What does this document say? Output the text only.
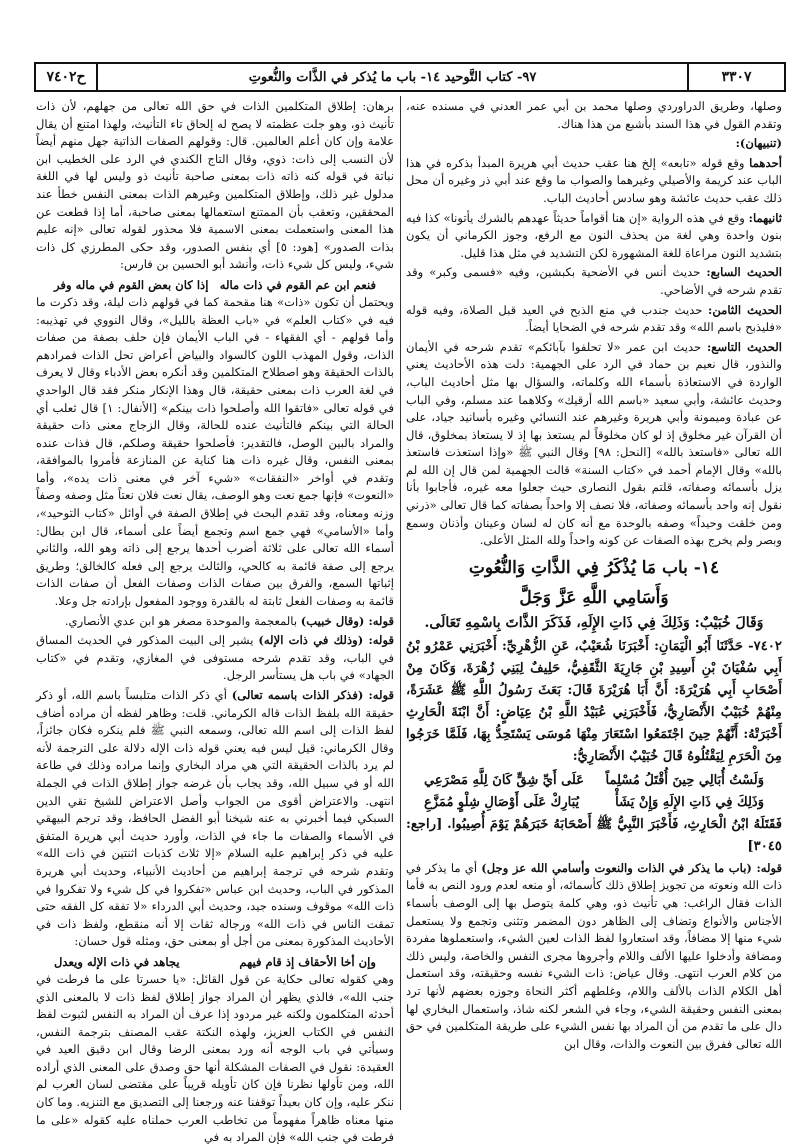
ح٧٤٠٢	٩٧- كتاب التَّوحيد ١٤- باب ما يُذكر في الذَّات والنُّعوتِ	٣٣٠٧

وصلها، وطريق الدراوردي وصلها محمد بن أبي عمر العدني في مسنده عنه، وتقدم القول في هذا السند بأشبع من هذا هناك.

(تنبيهان):

أحدهما وقع قوله «تابعه» إلخ هنا عقب حديث أبي هريرة المبدأ بذكره في هذا الباب عند كريمة والأصيلي وغيرهما والصواب ما وقع عند أبي ذر وغيره أن محل ذلك عقب حديث عائشة وهو سادس أحاديث الباب.

ثانيهما: وقع في هذه الرواية «إن هنا أقواماً حديثاً عهدهم بالشرك يأتونا» كذا فيه بنون واحدة وهي لغة من يحذف النون مع الرفع، وجوز الكرماني أن يكون بتشديد النون مراعاة للغة المشهورة لكن التشديد في مثل هذا قليل.

الحديث السابع: حديث أنس في الأضحية بكبشين، وفيه «فسمى وكبر» وقد تقدم شرحه في الأضاحي.

الحديث الثامن: حديث جندب في منع الذبح في العيد قبل الصلاة، وفيه قوله «فليذبح باسم الله» وقد تقدم شرحه في الضحايا أيضاً.

الحديث التاسع: حديث ابن عمر «لا تحلفوا بآبائكم» تقدم شرحه في الأيمان والنذور، قال نعيم بن حماد في الرد على الجهمية: دلت هذه الأحاديث يعني الواردة في الاستعاذة بأسماء الله وكلماته، والسؤال بها مثل أحاديث الباب، وحديث عائشة، وأبي سعيد «باسم الله أرقيك» وكلاهما عند مسلم، وفي الباب عن عبادة وميمونة وأبي هريرة وغيرهم عند النسائي وغيره بأسانيد جياد، على أن القرآن غير مخلوق إذ لو كان مخلوقاً لم يستعذ بها إذ لا يستعاذ بمخلوق، قال الله تعالى «فاستعذ بالله» [النحل: ٩٨] وقال النبي ﷺ «وإذا استعذت فاستعذ بالله» وقال الإمام أحمد في «كتاب السنة» قالت الجهمية لمن قال إن الله لم يزل بأسمائه وصفاته، قلتم بقول النصارى حيث جعلوا معه غيره، فأجابوا بأنا نقول إنه واحد بأسمائه وصفاته، فلا نصف إلا واحداً بصفاته كما قال تعالى «ذرني ومن خلقت وحيداً» وصفه بالوحدة مع أنه كان له لسان وعينان وأذنان وسمع وبصر ولم يخرج بهذه الصفات عن كونه واحداً ولله المثل الأعلى.

١٤- باب مَا يُذْكَرُ فِي الذَّاتِ وَالنُّعُوتِ
وَأَسَامِي اللَّهِ عَزَّ وَجَلَّ
وَقَالَ خُبَيْبٌ: وَذَلِكَ فِي ذَاتِ الإِلَهِ، فَذَكَرَ الذَّاتَ بِاسْمِهِ تَعَالَى.

٧٤٠٢- حَدَّثَنَا أَبُو الْيَمَانِ: أَخْبَرَنَا شُعَيْبٌ، عَنِ الزُّهْرِيِّ: أَخْبَرَنِي عَمْرُو بْنُ أَبِي سُفْيَانَ بْنِ أَسِيدِ بْنِ جَارِيَةَ الثَّقَفِيُّ، حَلِيفٌ لِبَنِي زُهْرَةَ، وَكَانَ مِنْ أَصْحَابِ أَبِي هُرَيْرَةَ: أَنَّ أَبَا هُرَيْرَةَ قَالَ: بَعَثَ رَسُولُ اللَّهِ ﷺ عَشَرَةً، مِنْهُمْ خُبَيْبٌ الأَنْصَارِيُّ، فَأَخْبَرَنِي عُبَيْدُ اللَّهِ بْنُ عِيَاضٍ: أَنَّ ابْنَةَ الْحَارِثِ أَخْبَرَتْهُ: أَنَّهُمْ حِينَ اجْتَمَعُوا اسْتَعَارَ مِنْهَا مُوسَى يَسْتَحِدُّ بِهَا، فَلَمَّا خَرَجُوا مِنَ الْحَرَمِ لِيَقْتُلُوهُ قَالَ خُبَيْبٌ الأَنْصَارِيُّ:

وَلَسْتُ أُبَالِي حِينَ أُقْتَلُ مُسْلِماً
عَلَى أَيِّ شِقٍّ كَانَ لِلَّهِ مَصْرَعِي
وَذَلِكَ فِي ذَاتِ الإِلَهِ وَإِنْ يَشَأْ
يُبَارِكْ عَلَى أَوْصَالِ شِلْوٍ مُمَزَّعِ

فَقَتَلَهُ ابْنُ الْحَارِثِ، فَأَخْبَرَ النَّبِيُّ ﷺ أَصْحَابَهُ خَبَرَهُمْ يَوْمَ أُصِيبُوا. [راجع: ٣٠٤٥]

قوله: (باب ما يذكر في الذات والنعوت وأسامي الله عز وجل) أي ما يذكر في ذات الله ونعوته من تجويز إطلاق ذلك كأسمائه، أو منعه لعدم ورود النص به فأما الذات فقال الراغب: هي تأنيث ذو، وهي كلمة يتوصل بها إلى الوصف بأسماء الأجناس والأنواع وتضاف إلى الظاهر دون المضمر وتثنى وتجمع ولا يستعمل شيء منها إلا مضافاً، وقد استعاروا لفظ الذات لعين الشيء، واستعملوها مفردة ومضافة وأدخلوا عليها الألف واللام وأجروها مجرى النفس والخاصة، وليس ذلك من كلام العرب انتهى. وقال عياض: ذات الشيء نفسه وحقيقته، وقد استعمل أهل الكلام الذات بالألف واللام، وغلطهم أكثر النحاة وجوزه بعضهم لأنها ترد بمعنى النفس وحقيقة الشيء، وجاء في الشعر لكنه شاذ، واستعمال البخاري لها دال على ما تقدم من أن المراد بها نفس الشيء على طريقة المتكلمين في حق الله تعالى ففرق بين النعوت والذات، وقال ابن

برهان: إطلاق المتكلمين الذات في حق الله تعالى من جهلهم، لأن ذات تأنيث ذو، وهو جلت عظمته لا يصح له إلحاق تاء التأنيث، ولهذا امتنع أن يقال علامة وإن كان أعلم العالمين. قال: وقولهم الصفات الذاتية جهل منهم أيضاً لأن النسب إلى ذات: ذوي، وقال التاج الكندي في الرد على الخطيب ابن نباتة في قوله كنه ذاته ذات بمعنى صاحبة تأنيث ذو وليس لها في اللغة مدلول غير ذلك، وإطلاق المتكلمين وغيرهم الذات بمعنى النفس خطأ عند المحققين، وتعقب بأن الممتنع استعمالها بمعنى صاحبة، أما إذا قطعت عن هذا المعنى واستعملت بمعنى الاسمية فلا محذور لقوله تعالى «إنه عليم بذات الصدور» [هود: ٥] أي بنفس الصدور، وقد حكى المطرزي كل ذات شيء، وليس كل شيء ذات، وأنشد أبو الحسين بن فارس:

فنعم ابن عم القوم في ذات ماله
إذا كان بعض القوم في ماله وفر

ويحتمل أن تكون «ذات» هنا مقحمة كما في قولهم ذات ليلة، وقد ذكرت ما فيه في «كتاب العلم» في «باب العظة بالليل»، وقال النووي في تهذيبه: وأما قولهم - أي الفقهاء - في الباب الأيمان فإن حلف بصفة من صفات الذات، وقول المهذب اللون كالسواد والبياض أعراض تحل الذات فمرادهم بالذات الحقيقة وهو اصطلاح المتكلمين وقد أنكره بعض الأدباء وقال لا يعرف في لغة العرب ذات بمعنى حقيقة، قال وهذا الإنكار منكر فقد قال الواحدي في قوله تعالى «فاتقوا الله وأصلحوا ذات بينكم» [الأنفال: ١] قال ثعلب أي الحالة التي بينكم فالتأنيث عنده للحالة، وقال الزجاج معنى ذات حقيقة والمراد بالبين الوصل، فالتقدير: فأصلحوا حقيقة وصلكم، قال فذات عنده بمعنى النفس، وقال غيره ذات هنا كناية عن المنازعة فأمروا بالموافقة، وتقدم في أواخر «النفقات» «شيء آخر في معنى ذات يده»، وأما «النعوت» فإنها جمع نعت وهو الوصف، يقال نعت فلان نعتاً مثل وصفه وصفاً وزنه ومعناه، وقد تقدم البحث في إطلاق الصفة في أوائل «كتاب التوحيد»، وأما «الأسامي» فهي جمع اسم وتجمع أيضاً على أسماء، قال ابن بطال: أسماء الله تعالى على ثلاثة أضرب أحدها يرجع إلى ذاته وهو الله، والثاني يرجع إلى صفة قائمة به كالحي، والثالث يرجع إلى فعله كالخالق؛ وطريق إثباتها السمع، والفرق بين صفات الذات وصفات الفعل أن صفات الذات قائمة به وصفات الفعل ثابتة له بالقدرة ووجود المفعول بإرادته جل وعلا.

قوله: (وقال خبيب) بالمعجمة والموحدة مصغر هو ابن عدي الأنصاري.

قوله: (وذلك في ذات الإله) يشير إلى البيت المذكور في الحديث المساق في الباب، وقد تقدم شرحه مستوفى في المغازي، وتقدم في «كتاب الجهاد» في باب هل يستأسر الرجل.

قوله: (فذكر الذات باسمه تعالى) أي ذكر الذات متلبساً باسم الله، أو ذكر حقيقة الله بلفظ الذات قاله الكرماني. قلت: وظاهر لفظه أن مراده أضاف لفظ الذات إلى اسم الله تعالى، وسمعه النبي ﷺ فلم ينكره فكان جائزاً، وقال الكرماني: قيل ليس فيه يعني قوله ذات الإله دلالة على الترجمة لأنه لم يرد بالذات الحقيقة التي هي مراد البخاري وإنما مراده وذلك في طاعة الله أو في سبيل الله، وقد يجاب بأن غرضه جواز إطلاق الذات في الجملة انتهى. والاعتراض أقوى من الجواب وأصل الاعتراض للشيخ تقي الدين السبكي فيما أخبرني به عنه شيخنا أبو الفضل الحافظ، وقد ترجم البيهقي في الأسماء والصفات ما جاء في الذات، وأورد حديث أبي هريرة المتفق عليه في ذكر إبراهيم عليه السلام «إلا ثلاث كذبات اثنتين في ذات الله» وتقدم شرحه في ترجمة إبراهيم من أحاديث الأنبياء، وحديث أبي هريرة المذكور في الباب، وحديث ابن عباس «تفكروا في كل شيء ولا تفكروا في ذات الله» موقوف وسنده جيد، وحديث أبي الدرداء «لا تفقه كل الفقه حتى تمقت الناس في ذات الله» ورجاله ثقات إلا أنه منقطع، ولفظ ذات في الأحاديث المذكورة بمعنى من أجل أو بمعنى حق، ومثله قول حسان:

وإن أخا الأحقاف إذ قام فيهم
يجاهد في ذات الإله ويعدل

وهي كقوله تعالى حكاية عن قول القائل: «يا حسرتا على ما فرطت في جنب الله»، فالذي يظهر أن المراد جواز إطلاق لفظ ذات لا بالمعنى الذي أحدثه المتكلمون ولكنه غير مردود إذا عرف أن المراد به النفس لثبوت لفظ النفس في الكتاب العزيز، ولهذه النكتة عقب المصنف بترجمة النفس، وسيأتي في باب الوجه أنه ورد بمعنى الرضا وقال ابن دقيق العيد في العقيدة: نقول في الصفات المشكلة أنها حق وصدق على المعنى الذي أراده الله، ومن تأولها نظرنا فإن كان تأويله قريباً على مقتضى لسان العرب لم ننكر عليه، وإن كان بعيداً توقفنا عنه ورجعنا إلى التصديق مع التنزيه. وما كان منها معناه ظاهراً مفهوماً من تخاطب العرب حملناه عليه كقوله «على ما فرطت في جنب الله» فإن المراد به في
